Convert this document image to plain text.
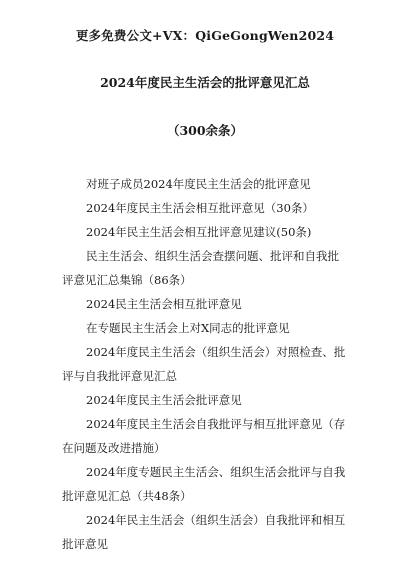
更多免费公文+VX：QiGeGongWen2024
2024年度民主生活会的批评意见汇总
（300余条）

对班子成员2024年度民主生活会的批评意见

2024年度民主生活会相互批评意见（30条）

2024年民主生活会相互批评意见建议(50条)

民主生活会、组织生活会查摆问题、批评和自我批评意见汇总集锦（86条）

2024民主生活会相互批评意见

在专题民主生活会上对X同志的批评意见

2024年度民主生活会（组织生活会）对照检查、批评与自我批评意见汇总

2024年度民主生活会批评意见

2024年度民主生活会自我批评与相互批评意见（存在问题及改进措施）

2024年度专题民主生活会、组织生活会批评与自我批评意见汇总（共48条）

2024年民主生活会（组织生活会）自我批评和相互批评意见
